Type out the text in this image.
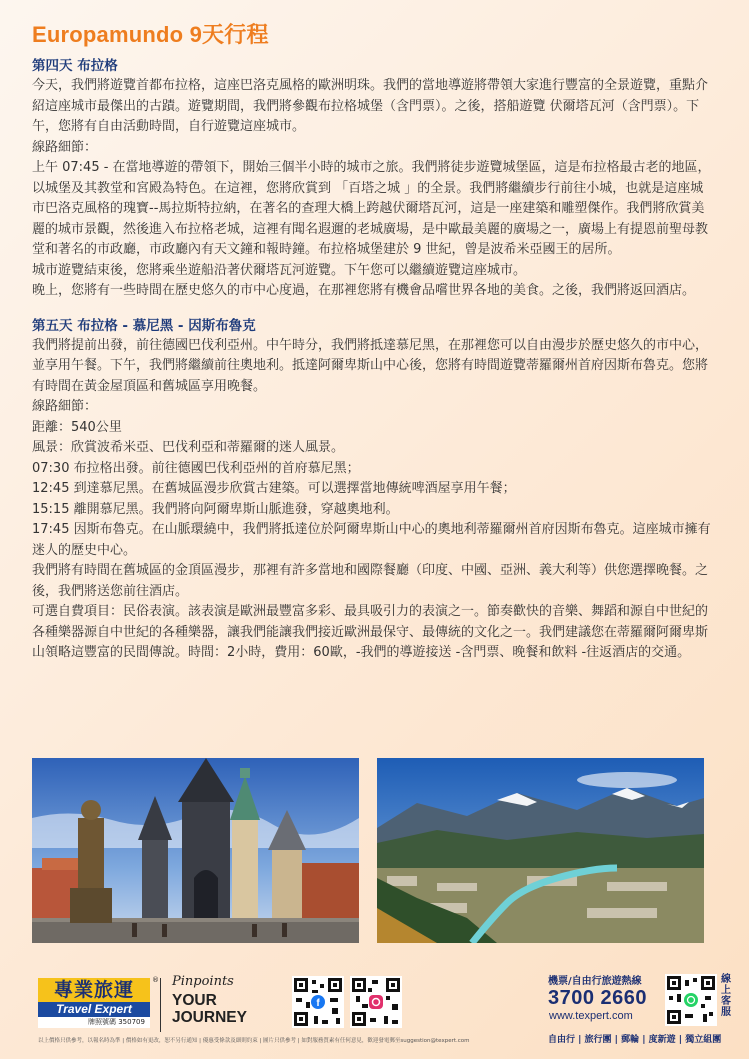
Europamundo 9天行程

第四天 布拉格

今天，我們將遊覽首都布拉格，這座巴洛克風格的歐洲明珠。我們的當地導遊將帶領大家進行豐富的全景遊覽，重點介紹這座城市最傑出的古蹟。遊覽期間，我們將參觀布拉格城堡（含門票）。之後，搭船遊覽 伏爾塔瓦河（含門票）。下午，您將有自由活動時間，自行遊覽這座城市。

線路細節：

上午 07:45 - 在當地導遊的帶領下，開始三個半小時的城市之旅。我們將徒步遊覽城堡區，這是布拉格最古老的地區，以城堡及其教堂和宮殿為特色。在這裡，您將欣賞到 「百塔之城 」的全景。我們將繼續步行前往小城，也就是這座城市巴洛克風格的瑰寶--馬拉斯特拉納，在著名的查理大橋上跨越伏爾塔瓦河，這是一座建築和雕塑傑作。我們將欣賞美麗的城市景觀，然後進入布拉格老城，這裡有聞名遐邇的老城廣場，是中歐最美麗的廣場之一，廣場上有提恩前聖母教堂和著名的市政廳，市政廳內有天文鐘和報時鐘。布拉格城堡建於 9 世紀，曾是波希米亞國王的居所。

城市遊覽結束後，您將乘坐遊船沿著伏爾塔瓦河遊覽。下午您可以繼續遊覽這座城市。

晚上，您將有一些時間在歷史悠久的市中心度過，在那裡您將有機會品嚐世界各地的美食。之後，我們將返回酒店。

第五天 布拉格 - 慕尼黑 - 因斯布魯克

我們將提前出發，前往德國巴伐利亞州。中午時分，我們將抵達慕尼黑，在那裡您可以自由漫步於歷史悠久的市中心，並享用午餐。下午，我們將繼續前往奧地利。抵達阿爾卑斯山中心後，您將有時間遊覽蒂羅爾州首府因斯布魯克。您將有時間在黃金屋頂區和舊城區享用晚餐。

線路細節：

距離：540公里

風景：欣賞波希米亞、巴伐利亞和蒂羅爾的迷人風景。

07:30 布拉格出發。前往德國巴伐利亞州的首府慕尼黑；

12:45 到達慕尼黑。在舊城區漫步欣賞古建築。可以選擇當地傳統啤酒屋享用午餐；

15:15 離開慕尼黑。我們將向阿爾卑斯山脈進發，穿越奧地利。

17:45 因斯布魯克。在山脈環繞中，我們將抵達位於阿爾卑斯山中心的奧地利蒂羅爾州首府因斯布魯克。這座城市擁有迷人的歷史中心。

我們將有時間在舊城區的金頂區漫步，那裡有許多當地和國際餐廳（印度、中國、亞洲、義大利等）供您選擇晚餐。之後，我們將送您前往酒店。

可選自費項目：民俗表演。該表演是歐洲最豐富多彩、最具吸引力的表演之一。節奏歡快的音樂、舞蹈和源自中世紀的各種樂器源自中世紀的各種樂器，讓我們能讓我們接近歐洲最保守、最傳統的文化之一。我們建議您在蒂羅爾阿爾卑斯山領略這豐富的民間傳說。時間：2小時，費用：60歐，-我們的導遊接送 -含門票、晚餐和飲料 -往返酒店的交通。

專業旅運
Travel Expert
牌照號碼 350709
® Pinpoints
YOUR
JOURNEY
f
機票/自由行旅遊熱線
3700 2660
www.texpert.com
線上客服
自由行 | 旅行團 | 郵輪 | 度新遊 | 獨立組團
以上價格只供參考，以報名時為準 | 價格如有更改，恕不另行通知 | 優惠受條款及細則約束 | 圖片只供參考 | 如對服務質素有任何意見，歡迎發電郵至suggestion@texpert.com
